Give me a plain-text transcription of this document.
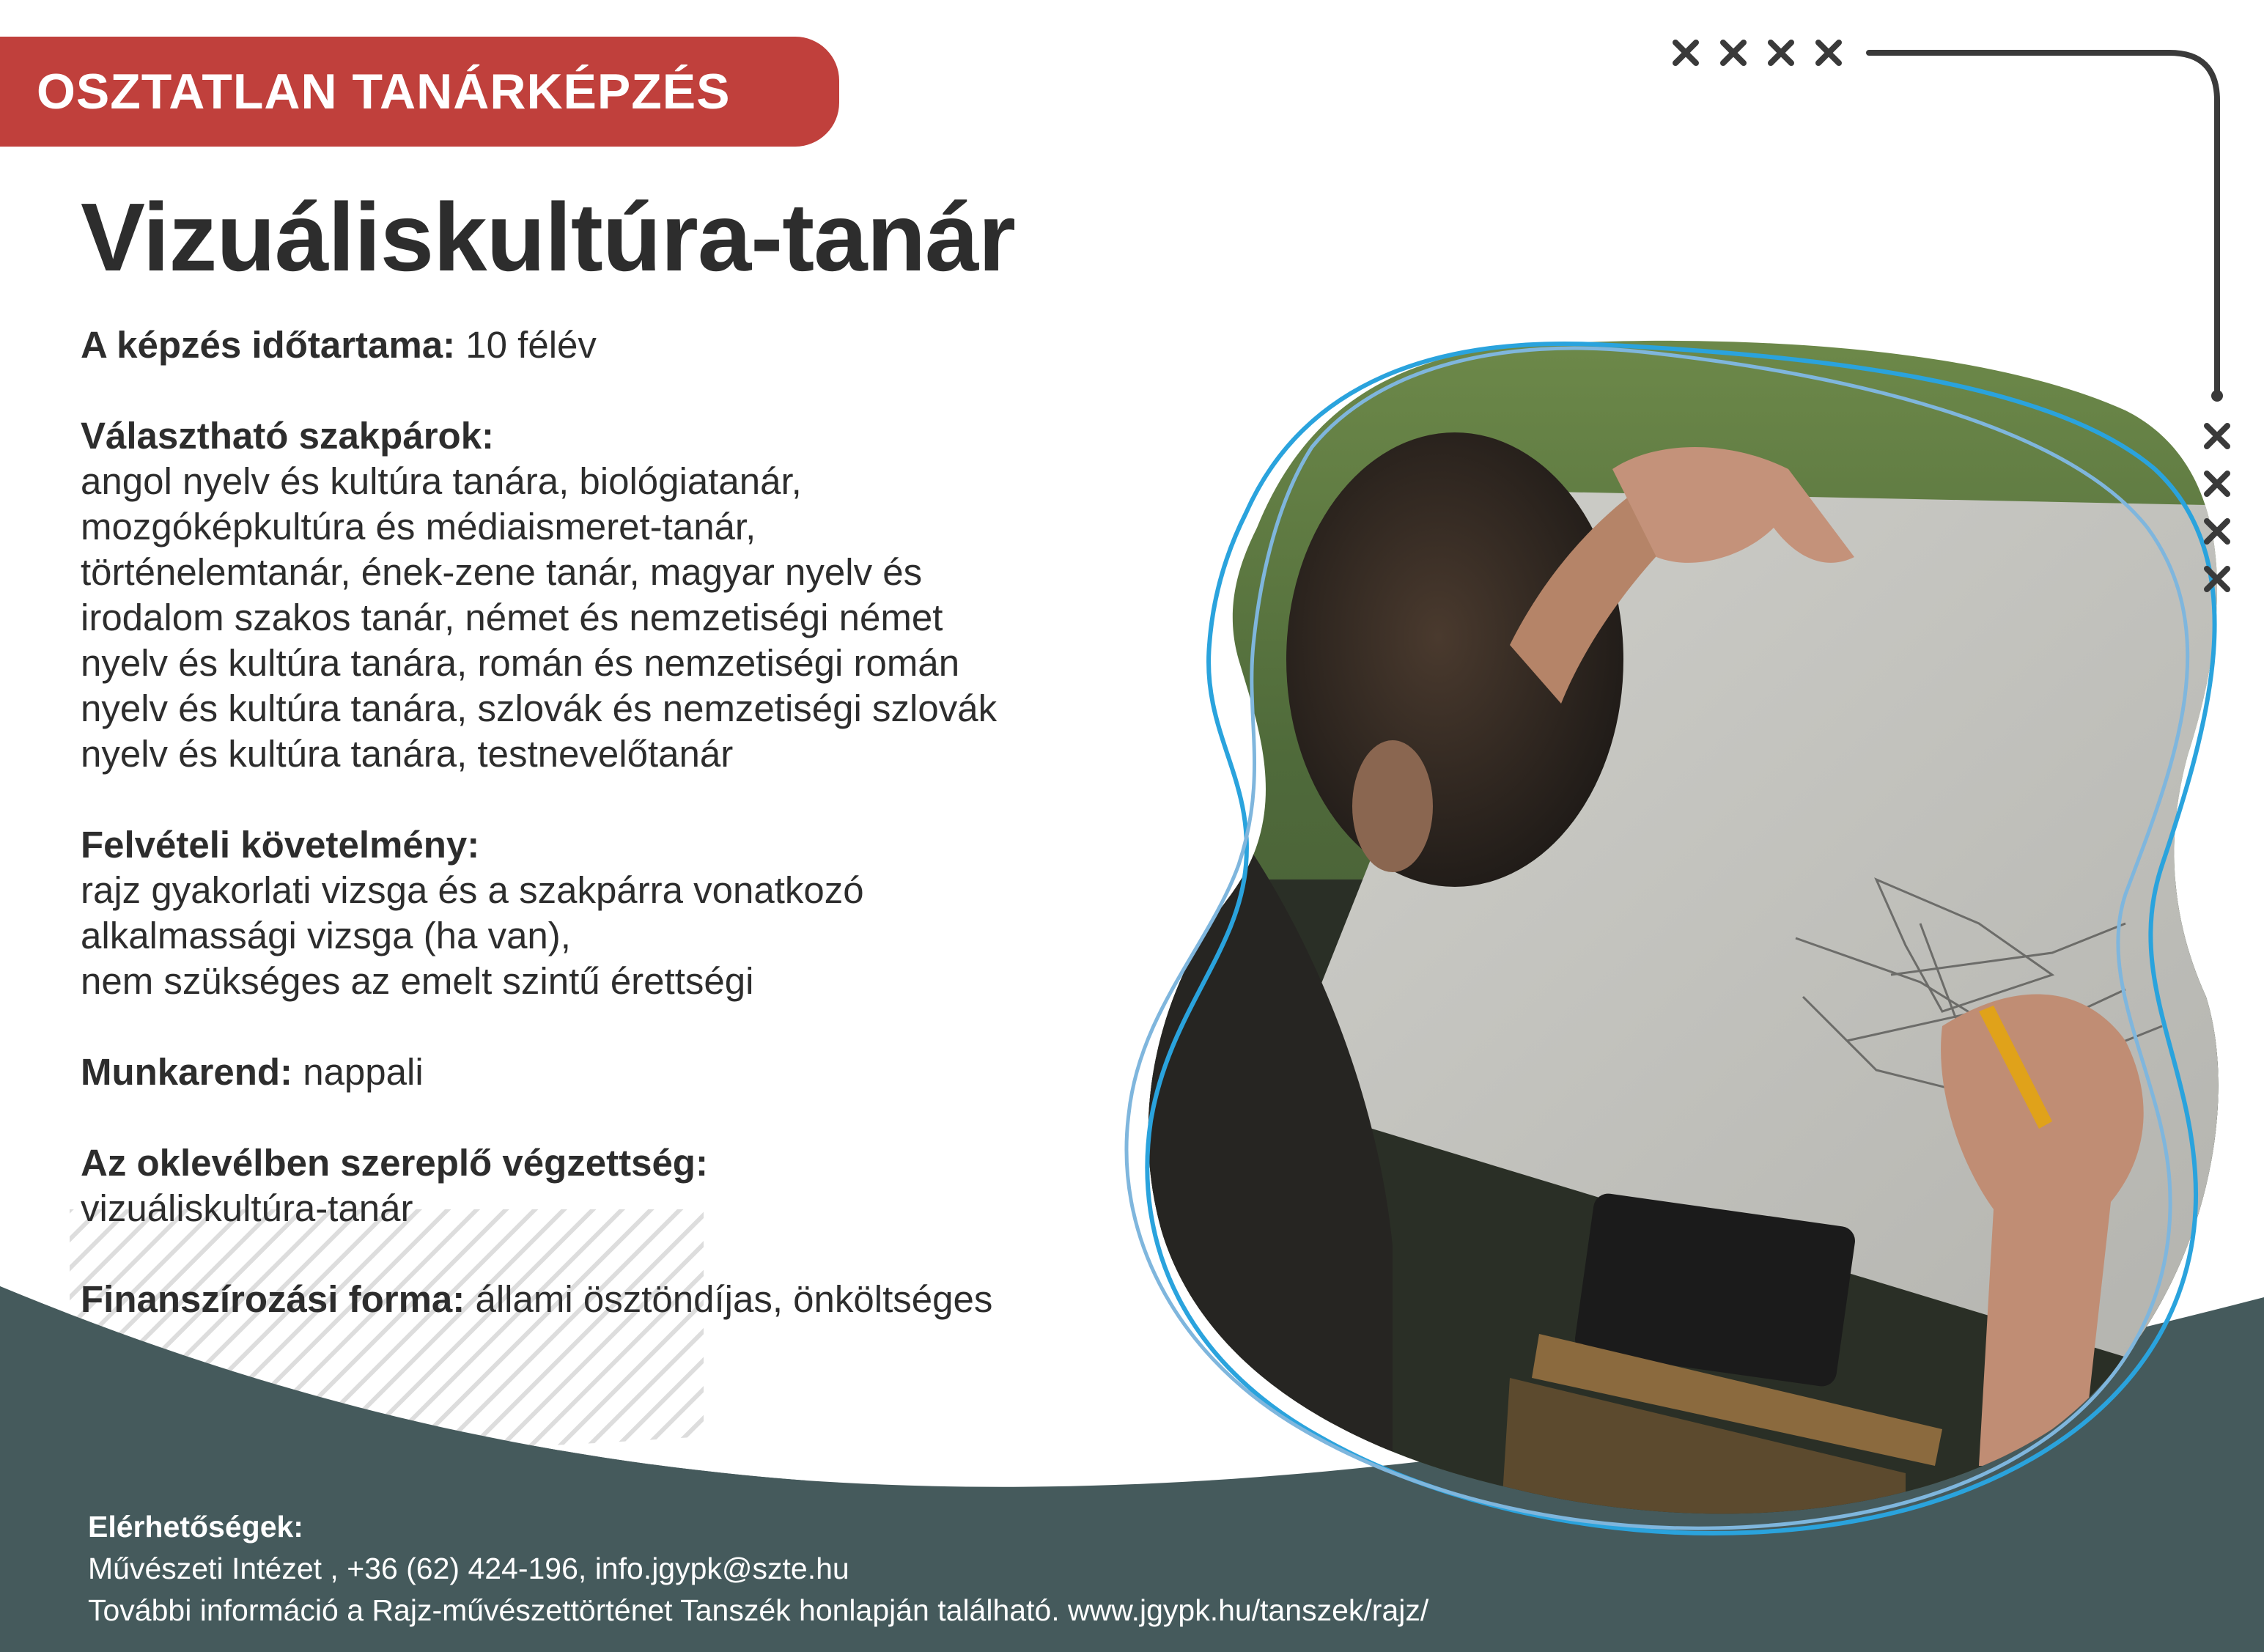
OSZTATLAN TANÁRKÉPZÉS
Vizuáliskultúra-tanár
A képzés időtartama: 10 félév
Választható szakpárok:
angol nyelv és kultúra tanára, biológiatanár,
mozgóképkultúra és médiaismeret-tanár,
történelemtanár, ének-zene tanár, magyar nyelv és
irodalom szakos tanár, német és nemzetiségi német
nyelv és kultúra tanára, román és nemzetiségi román
nyelv és kultúra tanára, szlovák és nemzetiségi szlovák
nyelv és kultúra tanára, testnevelőtanár
Felvételi követelmény:
rajz gyakorlati vizsga és a szakpárra vonatkozó
alkalmassági vizsga (ha van),
nem szükséges az emelt szintű érettségi
Munkarend: nappali
Az oklevélben szereplő végzettség:
vizuáliskultúra-tanár
Finanszírozási forma: állami ösztöndíjas, önköltséges
Elérhetőségek:
Művészeti Intézet , +36 (62) 424-196, info.jgypk@szte.hu
További információ a Rajz-művészettörténet Tanszék honlapján található. www.jgypk.hu/tanszek/rajz/
